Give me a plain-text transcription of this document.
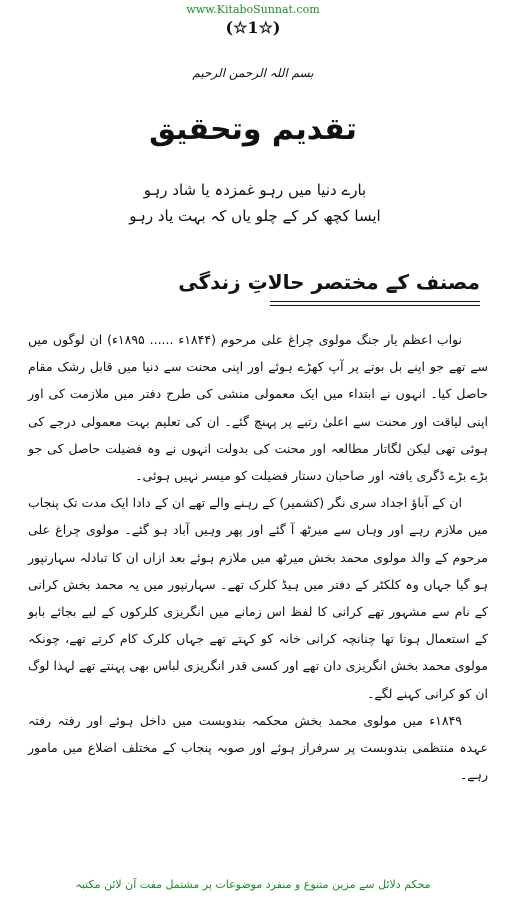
www.KitaboSunnat.com
(☆1☆)
بسم اللہ الرحمن الرحیم
تقدیم وتحقیق
بارے دنیا میں رہو غمزدہ یا شاد رہو
ایسا کچھ کر کے چلو یاں کہ بہت یاد رہو
مصنف کے مختصر حالاتِ زندگی

نواب اعظم یار جنگ مولوی چراغ علی مرحوم (۱۸۴۴ء ...... ۱۸۹۵ء) ان لوگوں میں سے تھے جو اپنے بل بوتے پر آپ کھڑے ہوئے اور اپنی محنت سے دنیا میں قابل رشک مقام حاصل کیا۔ انہوں نے ابتداء میں ایک معمولی منشی کی طرح دفتر میں ملازمت کی اور اپنی لیاقت اور محنت سے اعلیٰ رتبے پر پہنچ گئے۔ ان کی تعلیم بہت معمولی درجے کی ہوئی تھی لیکن لگاتار مطالعہ اور محنت کی بدولت انہوں نے وہ فضیلت حاصل کی جو بڑے بڑے ڈگری یافتہ اور صاحبان دستار فضیلت کو میسر نہیں ہوئی۔

ان کے آباؤ اجداد سری نگر (کشمیر) کے رہنے والے تھے ان کے دادا ایک مدت تک پنجاب میں ملازم رہے اور وہاں سے میرٹھ آ گئے اور پھر وہیں آباد ہو گئے۔ مولوی چراغ علی مرحوم کے والد مولوی محمد بخش میرٹھ میں ملازم ہوئے بعد ازاں ان کا تبادلہ سہارنپور ہو گیا جہاں وہ کلکٹر کے دفتر میں ہیڈ کلرک تھے۔ سہارنپور میں یہ محمد بخش کرانی کے نام سے مشہور تھے کرانی کا لفظ اس زمانے میں انگریزی کلرکوں کے لیے بجائے بابو کے استعمال ہوتا تھا چنانچہ کرانی خانہ کو کہتے تھے جہاں کلرک کام کرتے تھے، چونکہ مولوی محمد بخش انگریزی دان تھے اور کسی قدر انگریزی لباس بھی پہنتے تھے لہذا لوگ ان کو کرانی کہنے لگے۔

۱۸۴۹ء میں مولوی محمد بخش محکمہ بندوبست میں داخل ہوئے اور رفتہ رفتہ عہدہ منتظمی بندوبست پر سرفراز ہوئے اور صوبہ پنجاب کے مختلف اضلاع میں مامور رہے۔

محکم دلائل سے مزین متنوع و منفرد موضوعات پر مشتمل مفت آن لائن مکتبہ
